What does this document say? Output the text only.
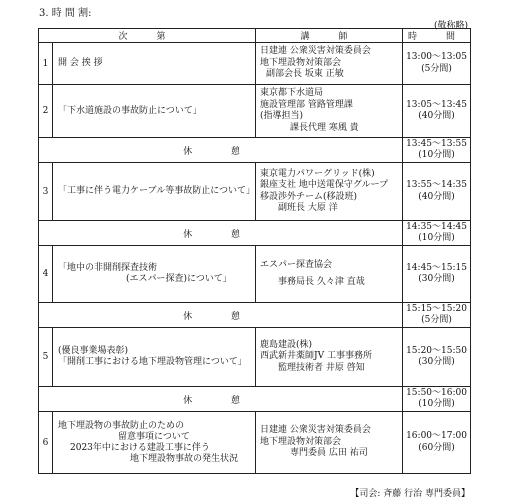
3. 時 間 割:
(敬称略)
次　第		講　師	時　間
1	開 会 挨 拶	日建連 公衆災害対策委員会
地下埋設物対策部会
副部会長 坂東 正敏	13:00～13:05
(5分間)

2	「下水道施設の事故防止について」	東京都下水道局
施設管理部 管路管理課
(指導担当)
課長代理 寒風 貴	13:05～13:45
(40分間)

休 憩			13:45～13:55
(10分間)

3	「工事に伴う電力ケーブル等事故防止について」	東京電力パワーグリッド(株)
銀座支社 地中送電保守グループ
移設渉外チーム(移設班)
副班長 大原 洋	13:55～14:35
(40分間)

休 憩			14:35～14:45
(10分間)

4	「地中の非開削探査技術
(エスパー探査)について」	エスパー探査協会
事務局長 久々津 直哉	14:45～15:15
(30分間)

休 憩			15:15～15:20
(5分間)

5	(優良事業場表彰)
「開削工事における地下埋設物管理について」	鹿島建設(株)
西武新井薬師JV 工事事務所
監理技術者 井原 啓知	15:20～15:50
(30分間)

休 憩			15:50～16:00
(10分間)

6	地下埋設物の事故防止のための
留意事項について
2023年中における建設工事に伴う
地下埋設物事故の発生状況	日建連 公衆災害対策委員会
地下埋設物対策部会
専門委員 広田 祐司	16:00～17:00
(60分間)
【司会: 斉藤 行治 専門委員】
